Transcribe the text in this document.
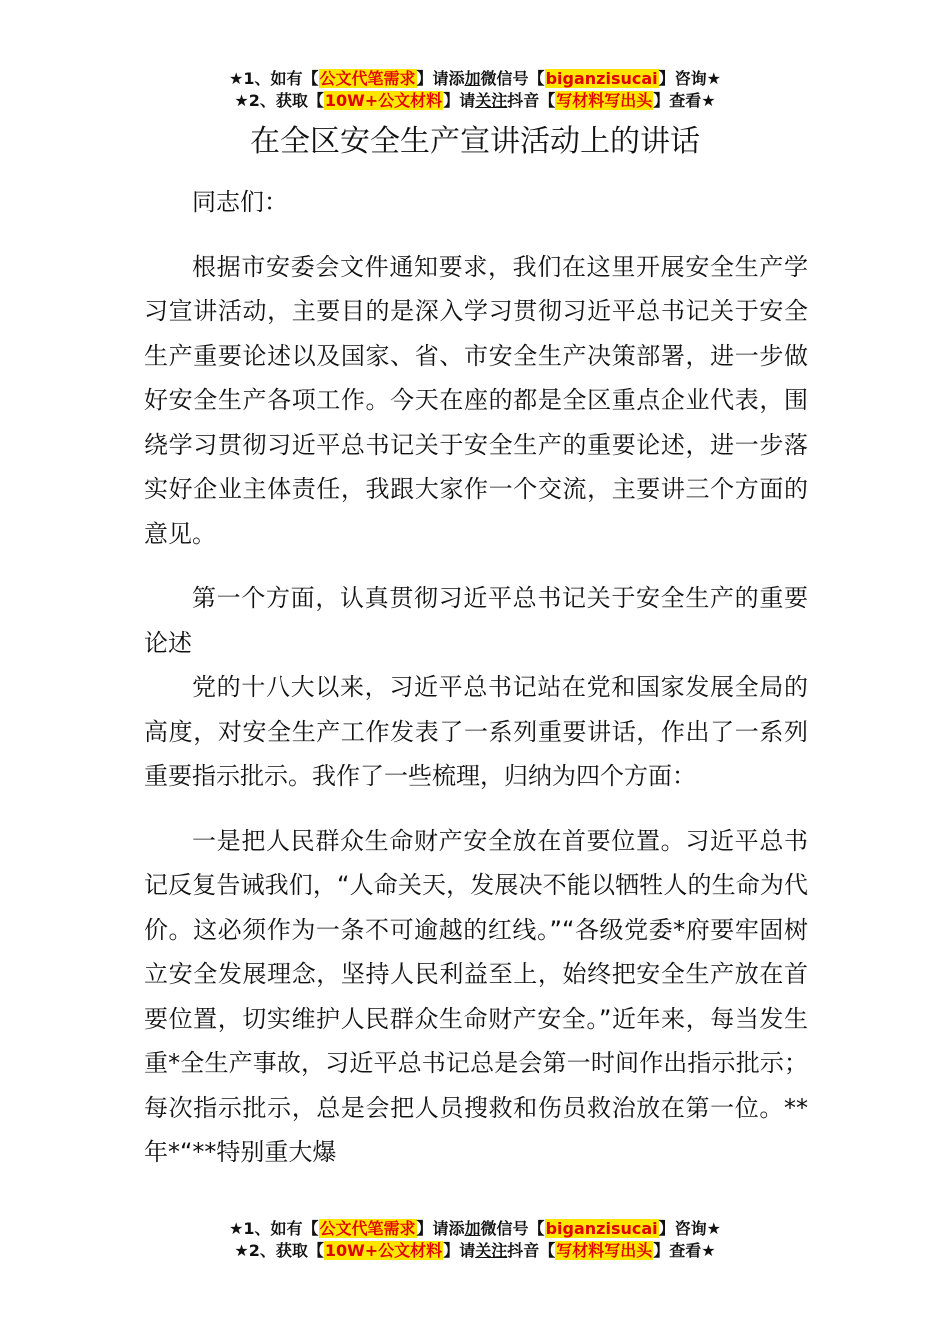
★1、如有【公文代笔需求】请添加微信号【biganzisucai】咨询★
★2、获取【10W+公文材料】请关注抖音【写材料写出头】查看★
在全区安全生产宣讲活动上的讲话

同志们：

根据市安委会文件通知要求，我们在这里开展安全生产学习宣讲活动，主要目的是深入学习贯彻习近平总书记关于安全生产重要论述以及国家、省、市安全生产决策部署，进一步做好安全生产各项工作。今天在座的都是全区重点企业代表，围绕学习贯彻习近平总书记关于安全生产的重要论述，进一步落实好企业主体责任，我跟大家作一个交流，主要讲三个方面的意见。

第一个方面，认真贯彻习近平总书记关于安全生产的重要论述

党的十八大以来，习近平总书记站在党和国家发展全局的高度，对安全生产工作发表了一系列重要讲话，作出了一系列重要指示批示。我作了一些梳理，归纳为四个方面：

一是把人民群众生命财产安全放在首要位置。习近平总书记反复告诫我们，“人命关天，发展决不能以牺牲人的生命为代价。这必须作为一条不可逾越的红线。”“各级党委*府要牢固树立安全发展理念，坚持人民利益至上，始终把安全生产放在首要位置，切实维护人民群众生命财产安全。”近年来，每当发生重*全生产事故，习近平总书记总是会第一时间作出指示批示；每次指示批示，总是会把人员搜救和伤员救治放在第一位。**年*“**特别重大爆

★1、如有【公文代笔需求】请添加微信号【biganzisucai】咨询★
★2、获取【10W+公文材料】请关注抖音【写材料写出头】查看★
